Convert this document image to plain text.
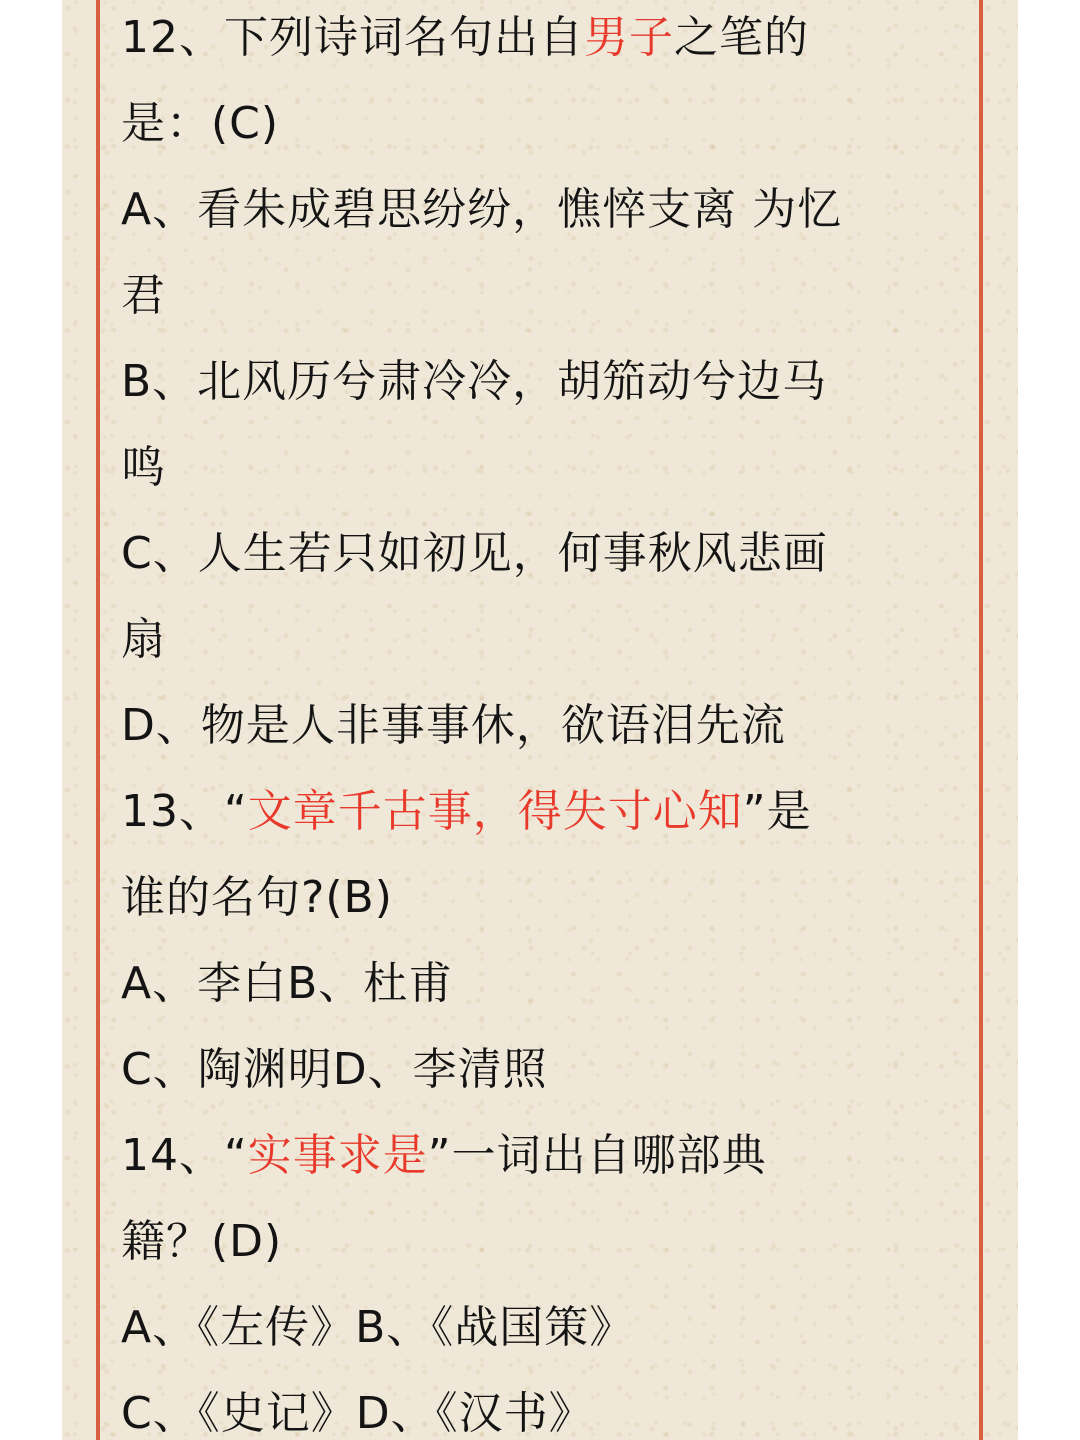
12、下列诗词名句出自男子之笔的
是：(C)
A、看朱成碧思纷纷，憔悴支离 为忆
君
B、北风历兮肃冷冷，胡笳动兮边马
鸣
C、人生若只如初见，何事秋风悲画
扇
D、物是人非事事休，欲语泪先流
13、“文章千古事，得失寸心知”是
谁的名句?(B)
A、李白B、杜甫
C、陶渊明D、李清照
14、“实事求是”一词出自哪部典
籍？(D)
A、《左传》B、《战国策》
C、《史记》D、《汉书》
